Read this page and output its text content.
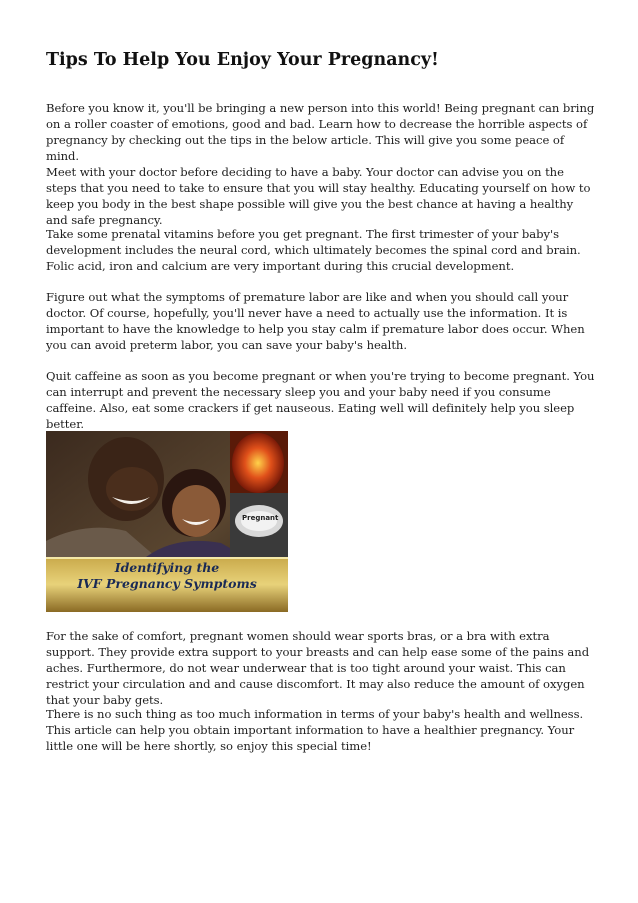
Tips To Help You Enjoy Your Pregnancy!

Before you know it, you'll be bringing a new person into this world! Being pregnant can bring on a roller coaster of emotions, good and bad. Learn how to decrease the horrible aspects of pregnancy by checking out the tips in the below article. This will give you some peace of mind.

Meet with your doctor before deciding to have a baby. Your doctor can advise you on the steps that you need to take to ensure that you will stay healthy. Educating yourself on how to keep you body in the best shape possible will give you the best chance at having a healthy and safe pregnancy.

Take some prenatal vitamins before you get pregnant. The first trimester of your baby's development includes the neural cord, which ultimately becomes the spinal cord and brain. Folic acid, iron and calcium are very important during this crucial development.

Figure out what the symptoms of premature labor are like and when you should call your doctor. Of course, hopefully, you'll never have a need to actually use the information. It is important to have the knowledge to help you stay calm if premature labor does occur. When you can avoid preterm labor, you can save your baby's health.

Quit caffeine as soon as you become pregnant or when you're trying to become pregnant. You can interrupt and prevent the necessary sleep you and your baby need if you consume caffeine. Also, eat some crackers if get nauseous. Eating well will definitely help you sleep better.

Pregnant
Identifying the
IVF Pregnancy Symptoms

For the sake of comfort, pregnant women should wear sports bras, or a bra with extra support. They provide extra support to your breasts and can help ease some of the pains and aches. Furthermore, do not wear underwear that is too tight around your waist. This can restrict your circulation and and cause discomfort. It may also reduce the amount of oxygen that your baby gets.

There is no such thing as too much information in terms of your baby's health and wellness. This article can help you obtain important information to have a healthier pregnancy. Your little one will be here shortly, so enjoy this special time!
